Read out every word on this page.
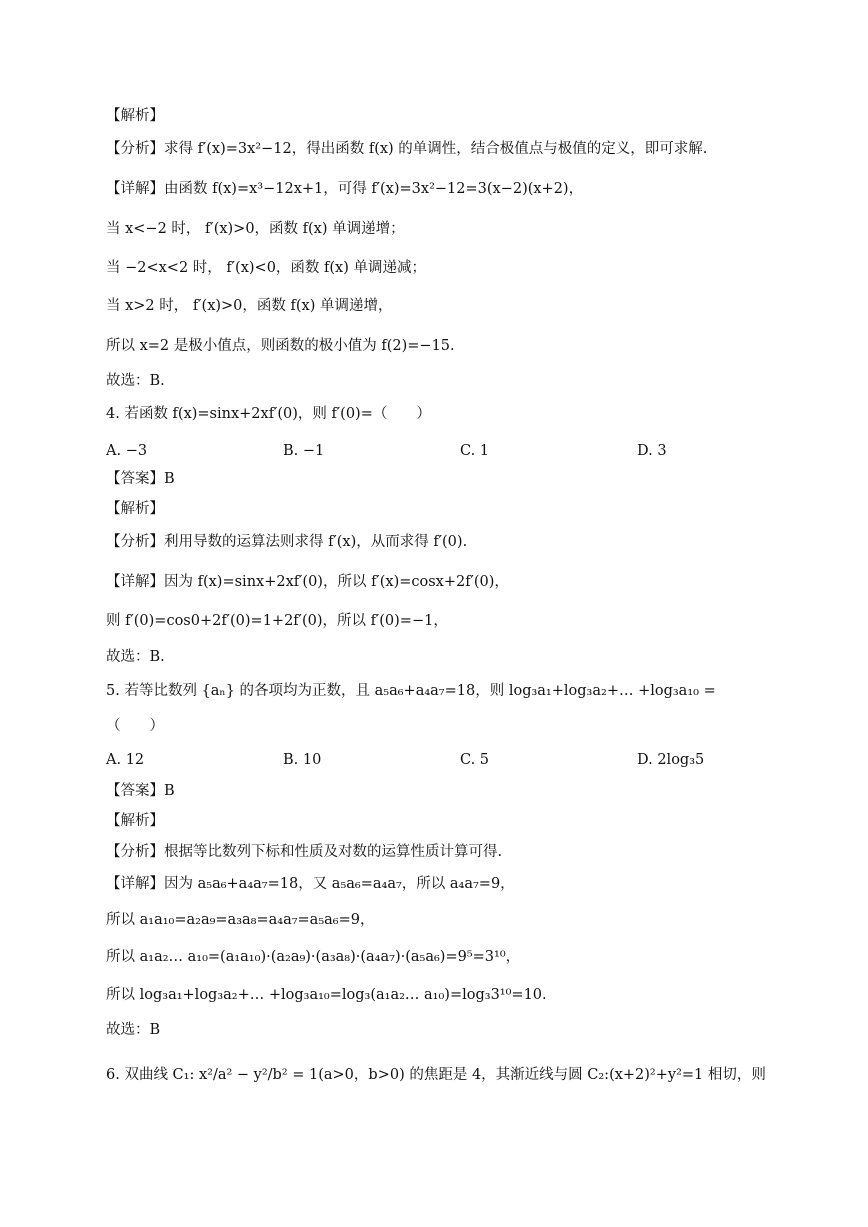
【解析】
【分析】求得 f′(x)=3x²−12，得出函数 f(x) 的单调性，结合极值点与极值的定义，即可求解.
【详解】由函数 f(x)=x³−12x+1，可得 f′(x)=3x²−12=3(x−2)(x+2)，
当 x<−2 时， f′(x)>0，函数 f(x) 单调递增；
当 −2<x<2 时， f′(x)<0，函数 f(x) 单调递减；
当 x>2 时， f′(x)>0，函数 f(x) 单调递增，
所以 x=2 是极小值点，则函数的极小值为 f(2)=−15.
故选：B.
4. 若函数 f(x)=sinx+2xf′(0)，则 f′(0)=（　　）
A. −3	B. −1	C. 1	D. 3
【答案】B
【解析】
【分析】利用导数的运算法则求得 f′(x)，从而求得 f′(0).
【详解】因为 f(x)=sinx+2xf′(0)，所以 f′(x)=cosx+2f′(0)，
则 f′(0)=cos0+2f′(0)=1+2f′(0)，所以 f′(0)=−1，
故选：B.
5. 若等比数列 {aₙ} 的各项均为正数，且 a₅a₆+a₄a₇=18，则 log₃a₁+log₃a₂+… +log₃a₁₀ =
（　　）
A. 12	B. 10	C. 5	D. 2log₃5
【答案】B
【解析】
【分析】根据等比数列下标和性质及对数的运算性质计算可得.
【详解】因为 a₅a₆+a₄a₇=18，又 a₅a₆=a₄a₇，所以 a₄a₇=9，
所以 a₁a₁₀=a₂a₉=a₃a₈=a₄a₇=a₅a₆=9，
所以 a₁a₂… a₁₀=(a₁a₁₀)·(a₂a₉)·(a₃a₈)·(a₄a₇)·(a₅a₆)=9⁵=3¹⁰，
所以 log₃a₁+log₃a₂+… +log₃a₁₀=log₃(a₁a₂… a₁₀)=log₃3¹⁰=10.
故选：B
6. 双曲线 C₁: x²/a² − y²/b² = 1(a>0，b>0) 的焦距是 4，其渐近线与圆 C₂:(x+2)²+y²=1 相切，则
